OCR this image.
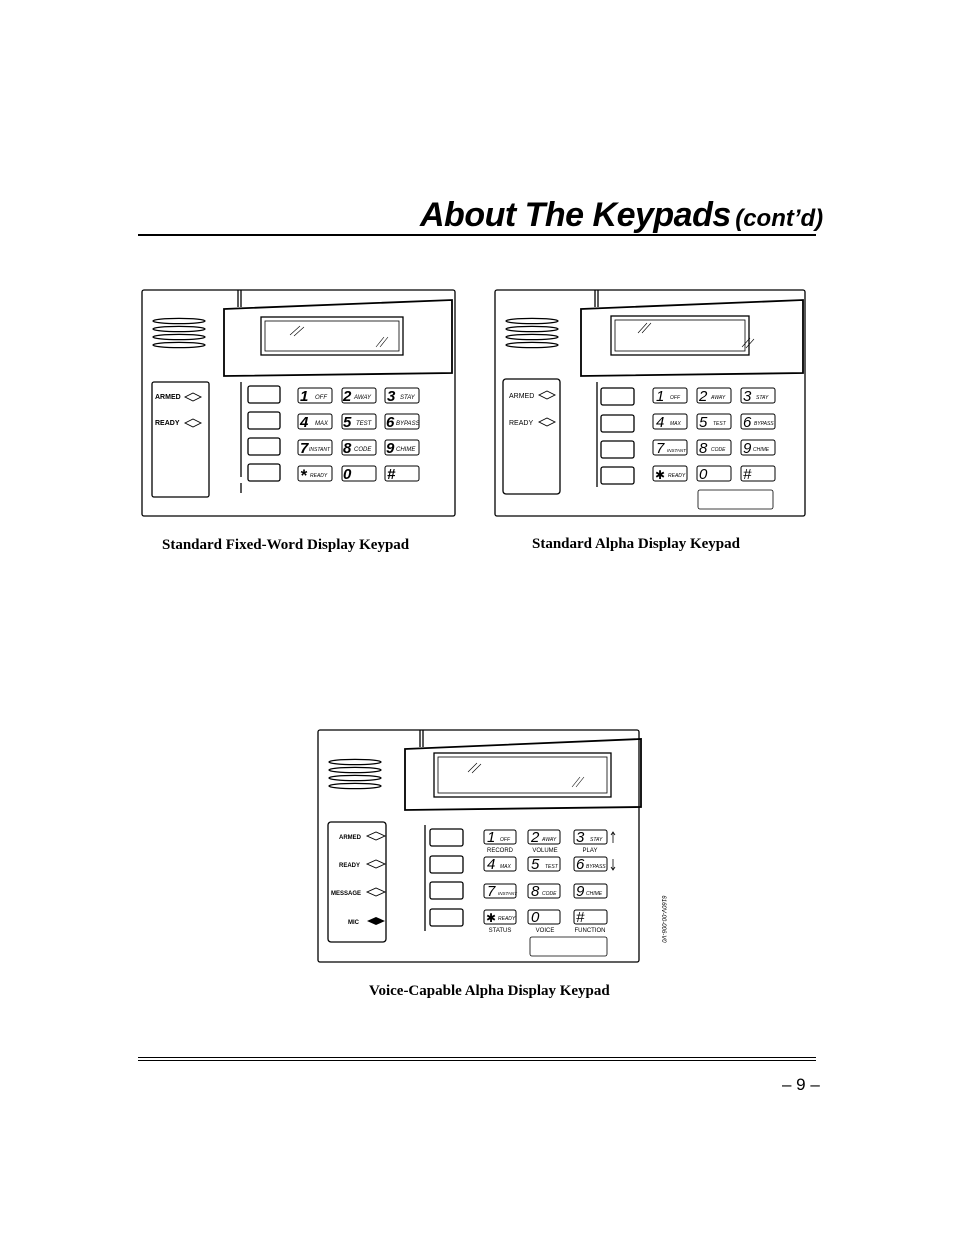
About The Keypads (cont’d)
ARMED
READY
1 OFF 2 AWAY 3 STAY
4 MAX 5 TEST 6 BYPASS
7 INSTANT 8 CODE 9 CHIME
* READY 0 #
ARMED
READY
1 OFF 2 AWAY 3 STAY
4 MAX 5 TEST 6 BYPASS
7 INSTANT 8 CODE 9 CHIME
✱ READY 0 #
ARMED
READY
MESSAGE
MIC
1 OFF 2 AWAY 3 STAY
4 MAX 5 TEST 6 BYPASS
7 INSTANT 8 CODE 9 CHIME
✱ READY 0 #
RECORD	VOLUME	PLAY
STATUS	VOICE	FUNCTION	6160V-00-006-V0
Standard Fixed-Word Display Keypad	Standard Alpha Display Keypad
Voice-Capable Alpha Display Keypad
– 9 –
